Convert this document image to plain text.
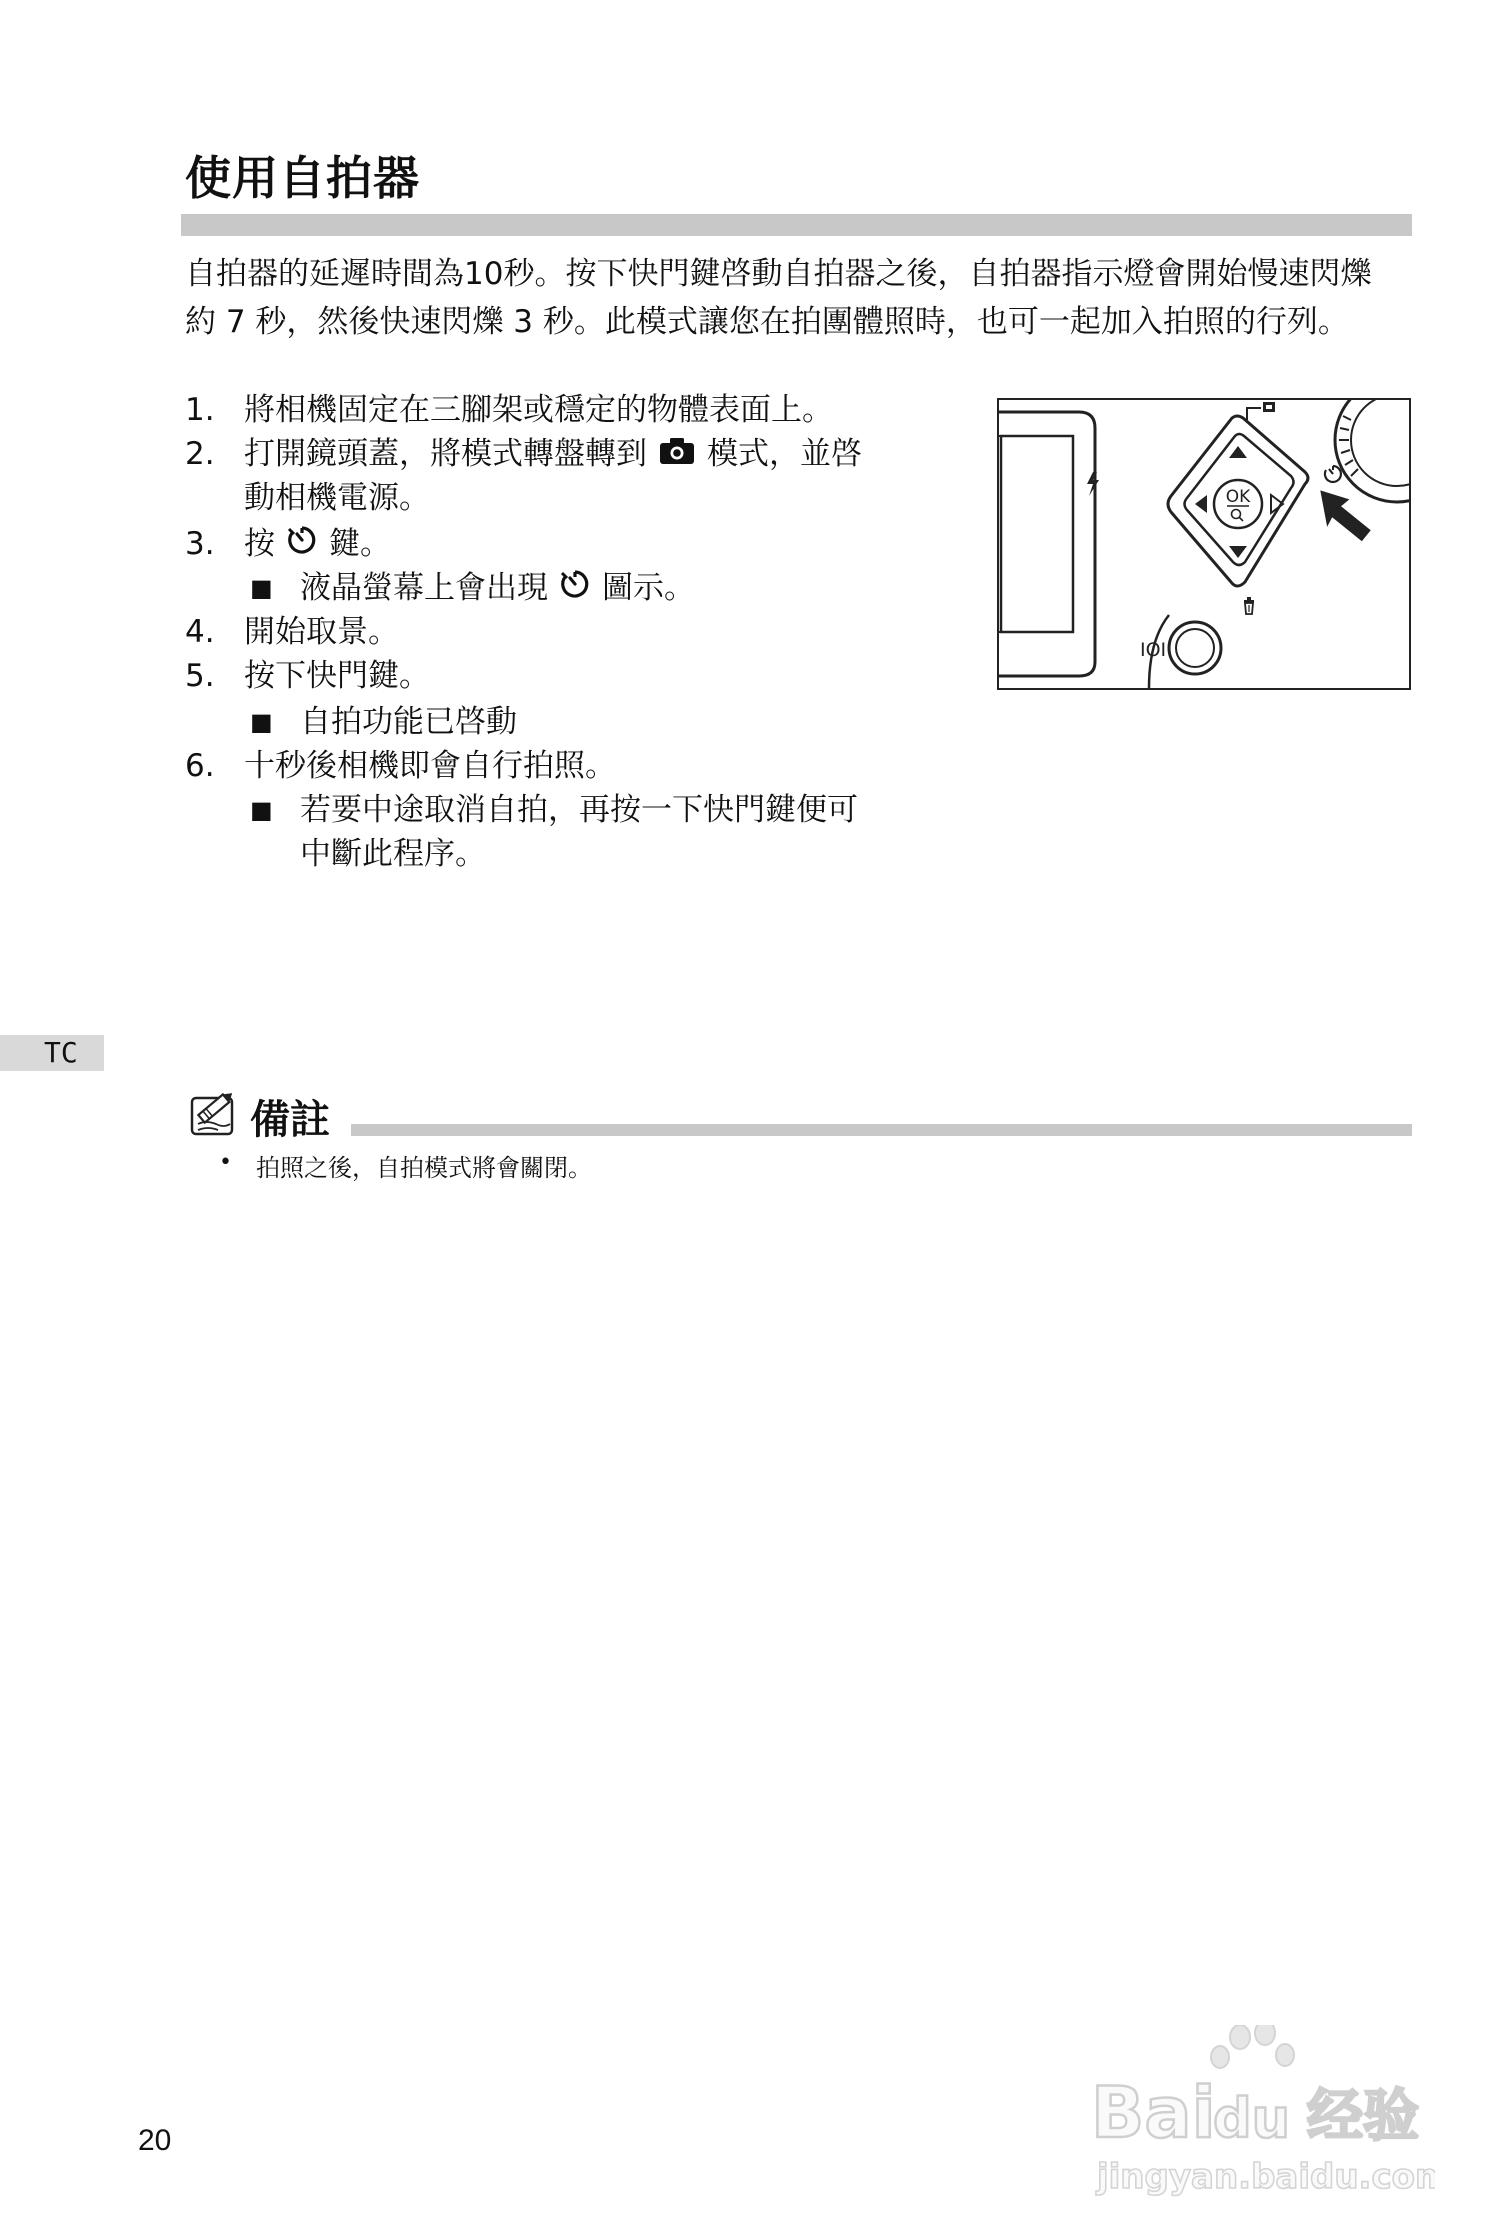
使用自拍器
自拍器的延遲時間為10秒。按下快門鍵啓動自拍器之後，自拍器指示燈會開始慢速閃爍
約 7 秒，然後快速閃爍 3 秒。此模式讓您在拍團體照時，也可一起加入拍照的行列。
1. 將相機固定在三腳架或穩定的物體表面上。
2. 打開鏡頭蓋，將模式轉盤轉到 模式，並啓
動相機電源。
3. 按 鍵。
■ 液晶螢幕上會出現 圖示。
4. 開始取景。
5. 按下快門鍵。
■ 自拍功能已啓動
6. 十秒後相機即會自行拍照。
■ 若要中途取消自拍，再按一下快門鍵便可
中斷此程序。
OK
IOI
TC
備註
• 拍照之後，自拍模式將會關閉。
20	Bai
du 经验
jingyan.baidu.com
